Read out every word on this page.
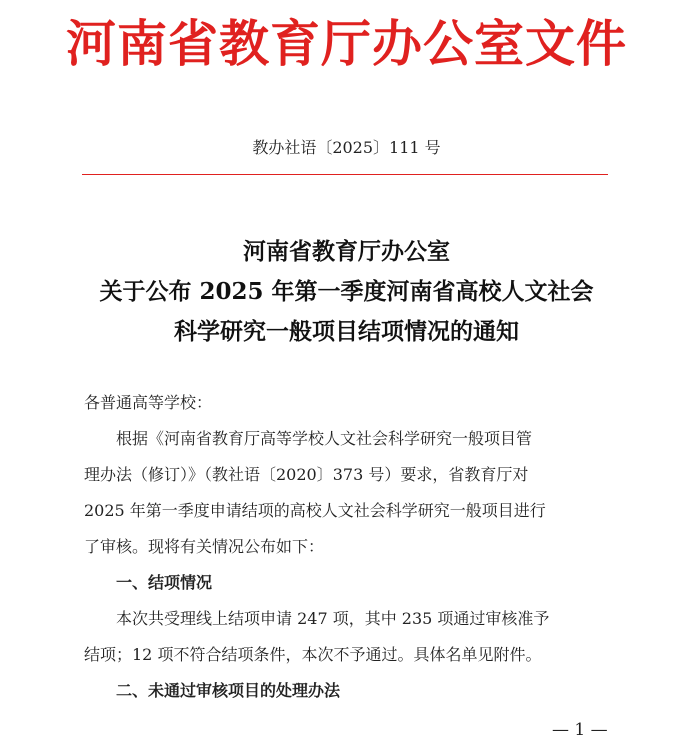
河南省教育厅办公室文件
教办社语〔2025〕111 号
河南省教育厅办公室
关于公布 2025 年第一季度河南省高校人文社会
科学研究一般项目结项情况的通知
各普通高等学校：
根据《河南省教育厅高等学校人文社会科学研究一般项目管
理办法（修订）》（教社语〔2020〕373 号）要求，省教育厅对
2025 年第一季度申请结项的高校人文社会科学研究一般项目进行
了审核。现将有关情况公布如下：
一、结项情况
本次共受理线上结项申请 247 项，其中 235 项通过审核准予
结项；12 项不符合结项条件，本次不予通过。具体名单见附件。
二、未通过审核项目的处理办法
— 1 —
